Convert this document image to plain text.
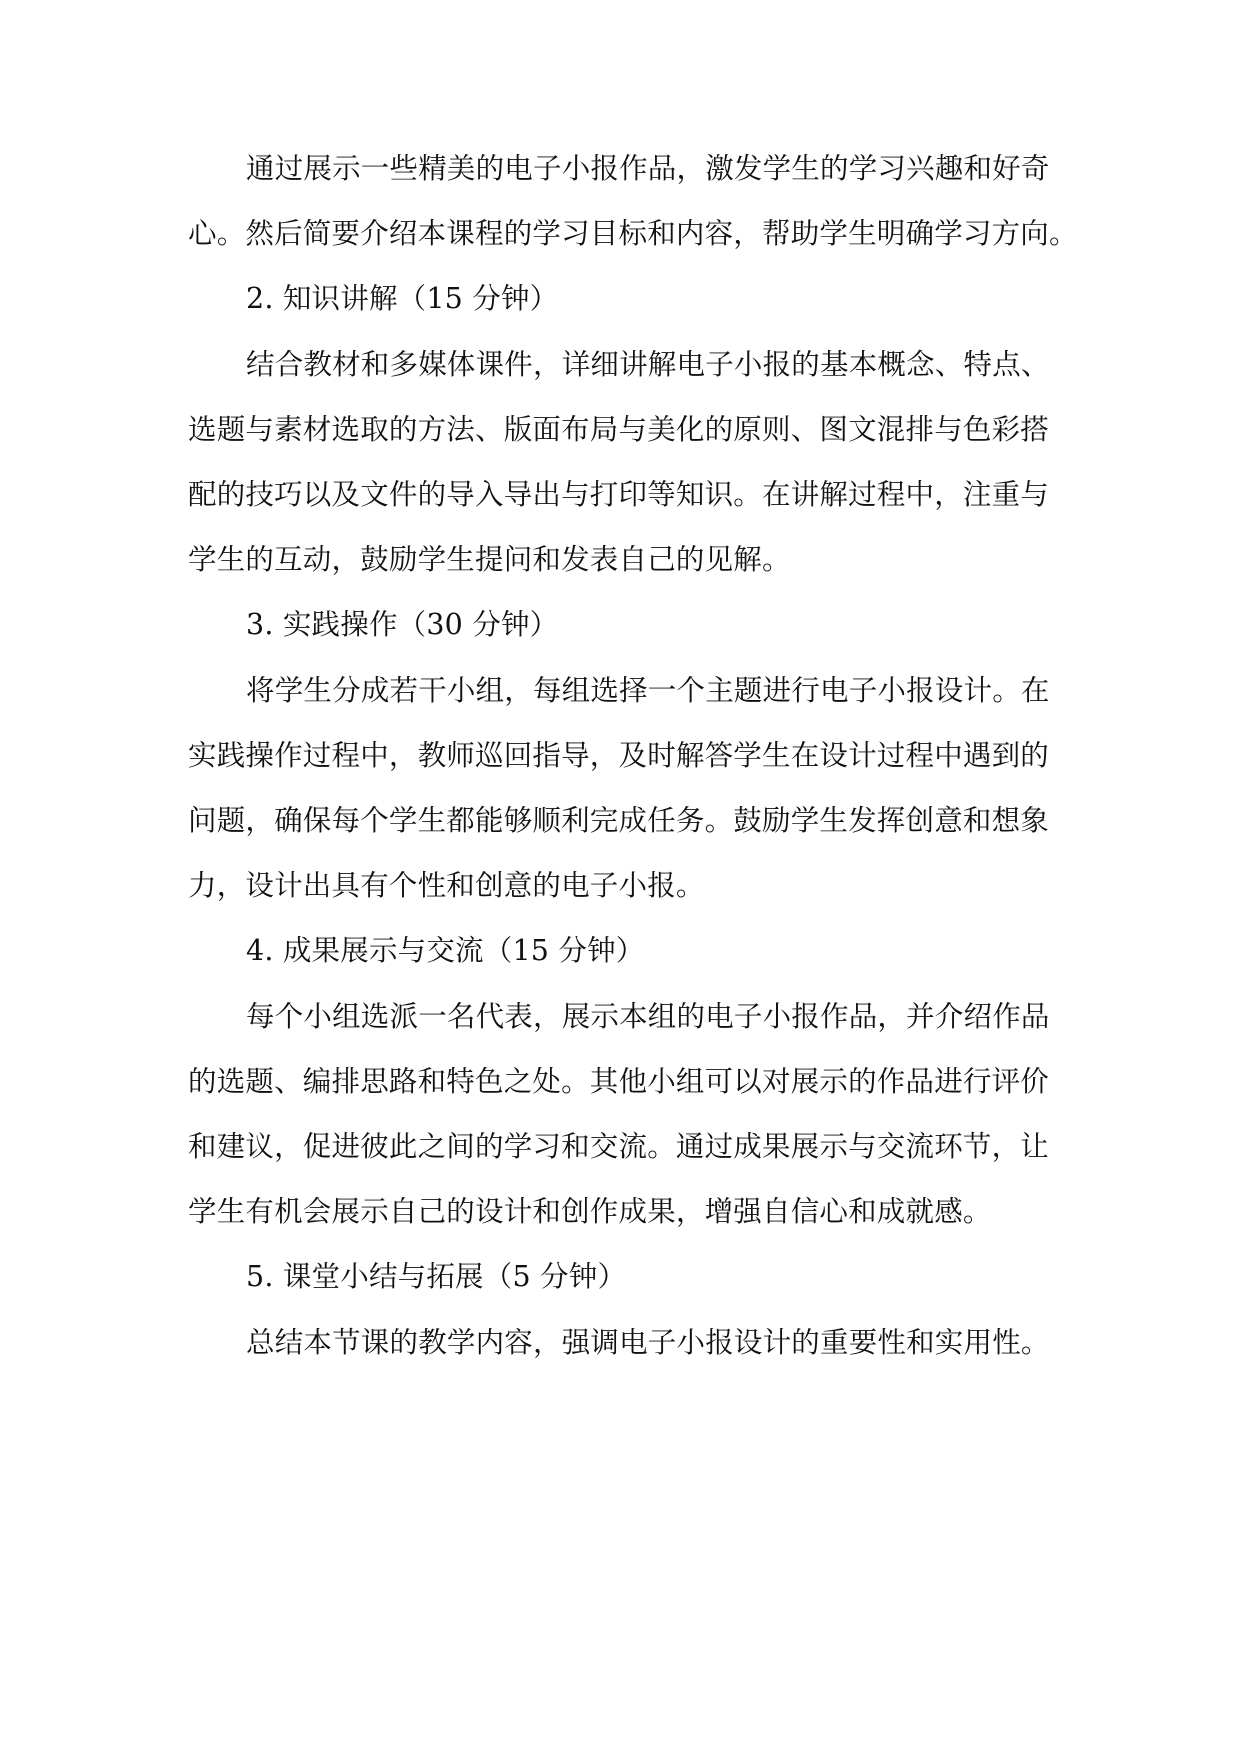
通过展示一些精美的电子小报作品，激发学生的学习兴趣和好奇
心。然后简要介绍本课程的学习目标和内容，帮助学生明确学习方向。
2. 知识讲解（15 分钟）
结合教材和多媒体课件，详细讲解电子小报的基本概念、特点、
选题与素材选取的方法、版面布局与美化的原则、图文混排与色彩搭
配的技巧以及文件的导入导出与打印等知识。在讲解过程中，注重与
学生的互动，鼓励学生提问和发表自己的见解。
3. 实践操作（30 分钟）
将学生分成若干小组，每组选择一个主题进行电子小报设计。在
实践操作过程中，教师巡回指导，及时解答学生在设计过程中遇到的
问题，确保每个学生都能够顺利完成任务。鼓励学生发挥创意和想象
力，设计出具有个性和创意的电子小报。
4. 成果展示与交流（15 分钟）
每个小组选派一名代表，展示本组的电子小报作品，并介绍作品
的选题、编排思路和特色之处。其他小组可以对展示的作品进行评价
和建议，促进彼此之间的学习和交流。通过成果展示与交流环节，让
学生有机会展示自己的设计和创作成果，增强自信心和成就感。
5. 课堂小结与拓展（5 分钟）
总结本节课的教学内容，强调电子小报设计的重要性和实用性。
